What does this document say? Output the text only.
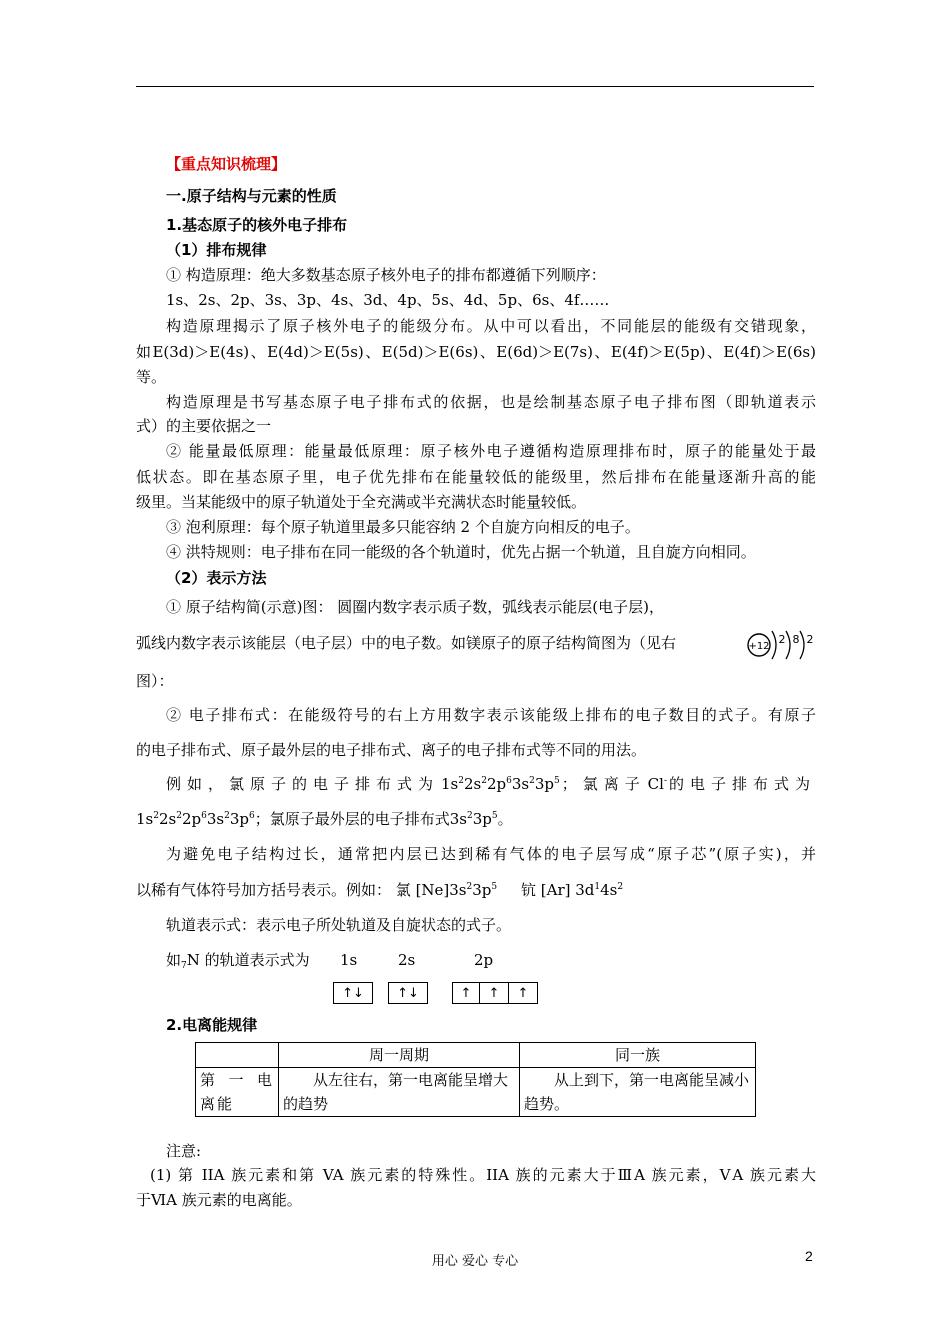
【重点知识梳理】
一.原子结构与元素的性质
1.基态原子的核外电子排布
（1）排布规律
① 构造原理：绝大多数基态原子核外电子的排布都遵循下列顺序：
1s、2s、2p、3s、3p、4s、3d、4p、5s、4d、5p、6s、4f……
构造原理揭示了原子核外电子的能级分布。从中可以看出，不同能层的能级有交错现象，
如E(3d)＞E(4s)、E(4d)＞E(5s)、E(5d)＞E(6s)、E(6d)＞E(7s)、E(4f)＞E(5p)、E(4f)＞E(6s)
等。
构造原理是书写基态原子电子排布式的依据，也是绘制基态原子电子排布图（即轨道表示
式）的主要依据之一
② 能量最低原理：能量最低原理：原子核外电子遵循构造原理排布时，原子的能量处于最
低状态。即在基态原子里，电子优先排布在能量较低的能级里，然后排布在能量逐渐升高的能
级里。当某能级中的原子轨道处于全充满或半充满状态时能量较低。
③ 泡利原理：每个原子轨道里最多只能容纳 2 个自旋方向相反的电子。
④ 洪特规则：电子排布在同一能级的各个轨道时，优先占据一个轨道，且自旋方向相同。
（2）表示方法
① 原子结构简(示意)图： 圆圈内数字表示质子数，弧线表示能层(电子层)，
弧线内数字表示该能层（电子层）中的电子数。如镁原子的原子结构简图为（见右
图）：
+12
2 8 2
② 电子排布式：在能级符号的右上方用数字表示该能级上排布的电子数目的式子。有原子
的电子排布式、原子最外层的电子排布式、离子的电子排布式等不同的用法。
例如，氯原子的电子排布式为 $1s^22s^22p^63s^23p^5$ ；氯离子 Cl- 的电子排布式为
$1s^22s^22p^63s^23p^6$；氯原子最外层的电子排布式$3s^23p^5$。
为避免电子结构过长，通常把内层已达到稀有气体的电子层写成“原子芯”(原子实)，并
以稀有气体符号加方括号表示。例如： 氯 $[Ne]3s^23p^5$ 钪 [Ar] $3d^14s^2$
轨道表示式：表示电子所处轨道及自旋状态的式子。
如$_7$N 的轨道表示式为	1s	2s	2p
↑↓	↑↓	↑	↑	↑
2.电离能规律
	周一周期	同一族
第 一 电离能	　　从左往右，第一电离能呈增大的趋势	　　从上到下，第一电离能呈减小趋势。
注意:
(1) 第 IIA 族元素和第 VA 族元素的特殊性。IIA 族的元素大于ⅢA 族元素，ⅤA 族元素大
于ⅥA 族元素的电离能。
用心 爱心 专心	2
